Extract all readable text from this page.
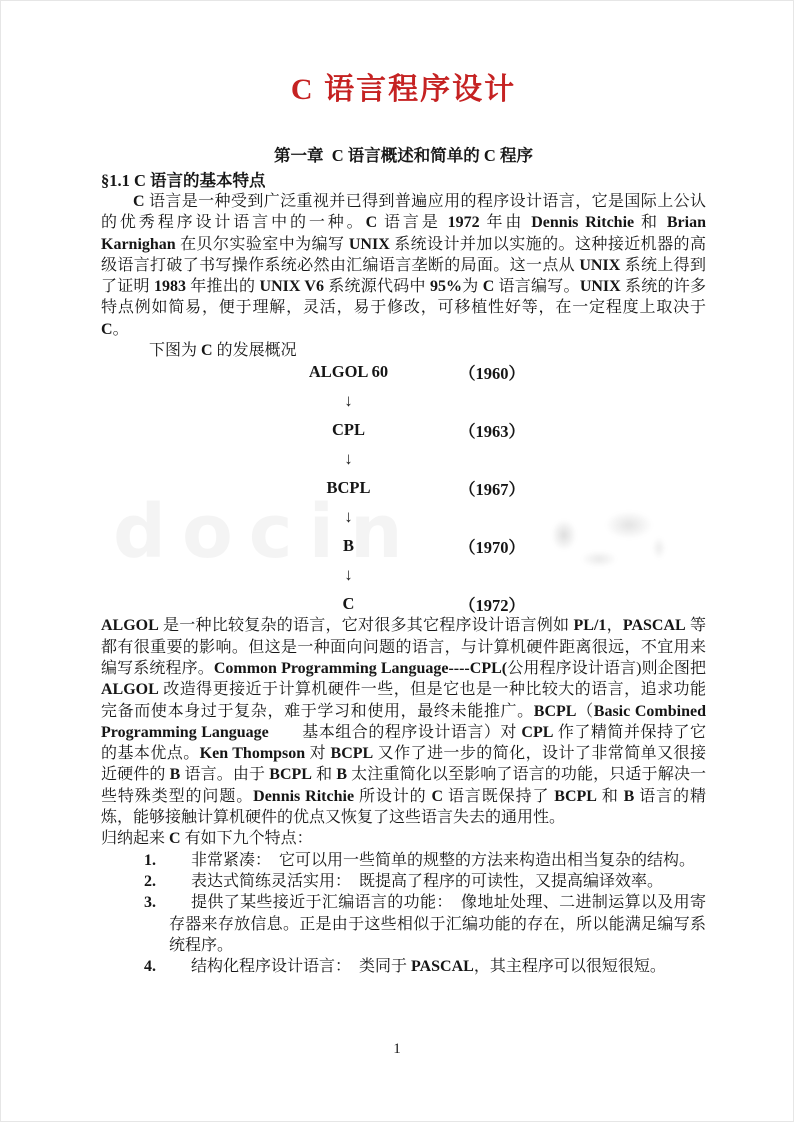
C 语言程序设计
第一章  C 语言概述和简单的 C 程序
§1.1 C 语言的基本特点

C 语言是一种受到广泛重视并已得到普遍应用的程序设计语言，它是国际上公认的优秀程序设计语言中的一种。C 语言是 1972 年由 Dennis Ritchie 和 Brian Karnighan 在贝尔实验室中为编写 UNIX 系统设计并加以实施的。这种接近机器的高级语言打破了书写操作系统必然由汇编语言垄断的局面。这一点从 UNIX 系统上得到了证明 1983 年推出的 UNIX V6 系统源代码中 95%为 C 语言编写。UNIX 系统的许多特点例如简易，便于理解，灵活，易于修改，可移植性好等，在一定程度上取决于 C。

下图为 C 的发展概况

ALGOL 60	（1960）
↓
CPL	（1963）
↓
BCPL	（1967）
↓
B	（1970）
↓
C	（1972）

ALGOL 是一种比较复杂的语言，它对很多其它程序设计语言例如 PL/1，PASCAL 等都有很重要的影响。但这是一种面向问题的语言，与计算机硬件距离很远，不宜用来编写系统程序。Common Programming Language----CPL(公用程序设计语言)则企图把 ALGOL 改造得更接近于计算机硬件一些，但是它也是一种比较大的语言，追求功能完备而使本身过于复杂，难于学习和使用，最终未能推广。BCPL（Basic Combined Programming Language　　基本组合的程序设计语言）对 CPL 作了精简并保持了它的基本优点。Ken Thompson 对 BCPL 又作了进一步的简化，设计了非常简单又很接近硬件的 B 语言。由于 BCPL 和 B 太注重简化以至影响了语言的功能，只适于解决一些特殊类型的问题。Dennis Ritchie 所设计的 C 语言既保持了 BCPL 和 B 语言的精炼，能够接触计算机硬件的优点又恢复了这些语言失去的通用性。

归纳起来 C 有如下九个特点：

1. 非常紧凑：　它可以用一些简单的规整的方法来构造出相当复杂的结构。
2. 表达式简练灵活实用：　既提高了程序的可读性，又提高编译效率。
3. 提供了某些接近于汇编语言的功能：　像地址处理、二进制运算以及用寄存器来存放信息。正是由于这些相似于汇编功能的存在，所以能满足编写系统程序。
4. 结构化程序设计语言：　类同于 PASCAL，其主程序可以很短很短。
1
